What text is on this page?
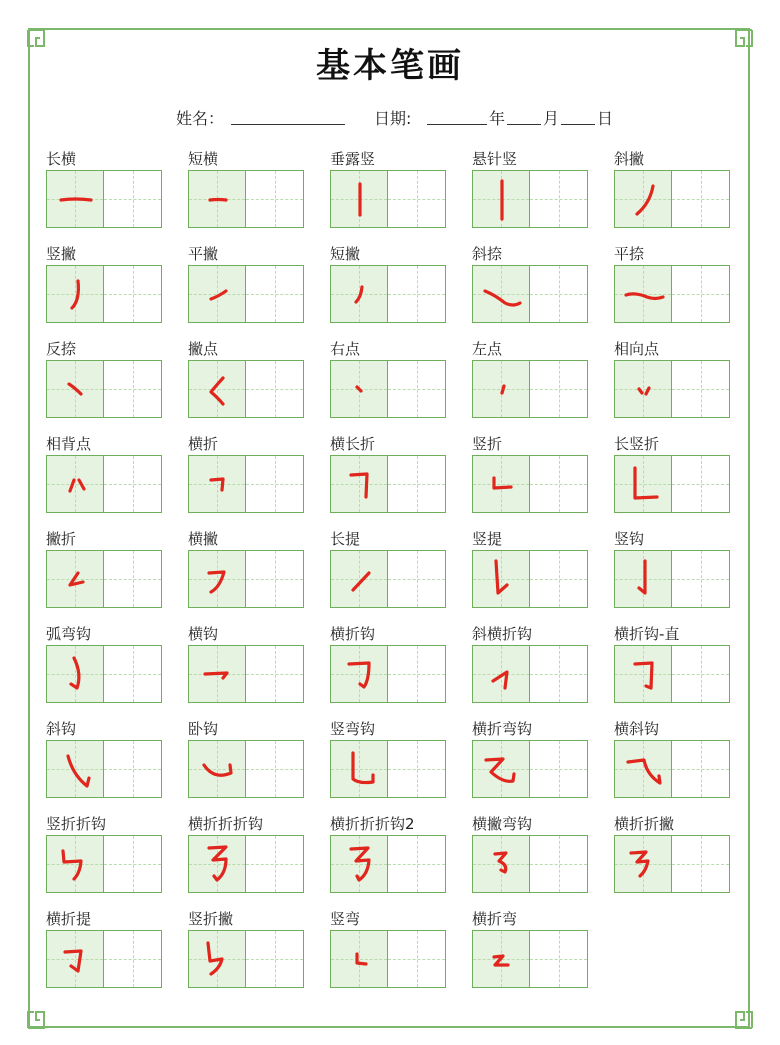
基本笔画
姓名：	日期:	年 月 日
长横	短横	垂露竖	悬针竖	斜撇
竖撇	平撇	短撇	斜捺	平捺
反捺	撇点	右点	左点	相向点
相背点	横折	横长折	竖折	长竖折
撇折	横撇	长提	竖提	竖钩
弧弯钩	横钩	横折钩	斜横折钩	横折钩-直
斜钩	卧钩	竖弯钩	横折弯钩	横斜钩
竖折折钩	横折折折钩	横折折折钩2	横撇弯钩	横折折撇
横折提	竖折撇	竖弯	横折弯
